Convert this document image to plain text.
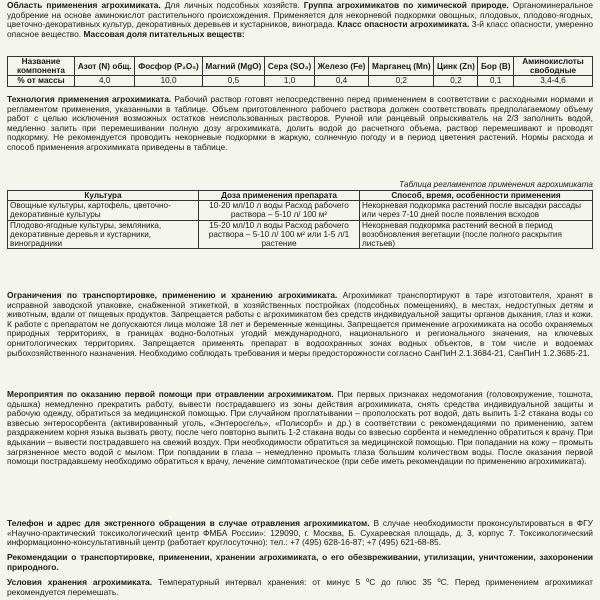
Область применения агрохимиката. Для личных подсобных хозяйств. Группа агрохимикатов по химической природе. Органоминеральное удобрение на основе аминокислот растительного происхождения. Применяется для некорневой подкормки овощных, плодовых, плодово-ягодных, цветочно-декоративных культур, декоративных деревьев и кустарников, винограда. Класс опасности агрохимиката. 3-й класс опасности, умеренно опасное вещество. Массовая доля питательных веществ:

Название компонента	Азот (N) общ.	Фосфор (P₂O₅)	Магний (MgO)	Сера (SO₃)	Железо (Fe)	Марганец (Mn)	Цинк (Zn)	Бор (B)	Аминокислоты свободные
% от массы	4,0	10,0	0,5	1,0	0,4	0,2	0,2	0,1	3,4-4,6

Технология применения агрохимиката. Рабочий раствор готовят непосредственно перед применением в соответствии с расходными нормами и регламентом применения, указанными в таблице. Объем приготовленного рабочего раствора должен соответствовать предполагаемому объему работ с целью исключения возможных остатков неиспользованных растворов. Ручной или ранцевый опрыскиватель на 2/3 заполнить водой, медленно залить при перемешивании полную дозу агрохимиката, долить водой до расчетного объема, раствор перемешивают и проводят подкормку. Не рекомендуется проводить некорневые подкормки в жаркую, солнечную погоду и в период цветения растений. Нормы расхода и способ применения агрохимиката приведены в таблице.

Таблица регламентов применения агрохимиката
Культура	Доза применения препарата	Способ, время, особенности применения
Овощные культуры, картофель, цветочно-декоративные культуры	10-20 мл/10 л воды Расход рабочего раствора – 5-10 л/ 100 м²	Некорневая подкормка растений после высадки рассады или через 7-10 дней после появления всходов
Плодово-ягодные культуры, земляника, декоративные деревья и кустарники, виноградники	15-20 мл/10 л воды Расход рабочего раствора – 5-10 л/ 100 м² или 1-5 л/1 растение	Некорневая подкормка растений весной в период возобновления вегетации (после полного раскрытия листьев)

Ограничения по транспортировке, применению и хранению агрохимиката. Агрохимикат транспортируют в таре изготовителя, хранят в исправной заводской упаковке, снабженной этикеткой, в хозяйственных постройках (подсобных помещениях), в местах, недоступных детям и животным, вдали от пищевых продуктов. Запрещается работы с агрохимикатом без средств индивидуальной защиты органов дыхания, глаз и кожи. К работе с препаратом не допускаются лица моложе 18 лет и беременные женщины. Запрещается применение агрохимиката на особо охраняемых природных территориях, в границах водно-болотных угодий международного, национального и регионального значения, на ключевых орнитологических территориях. Запрещается применять препарат в водоохранных зонах водных объектов, в том числе и водоемах рыбохозяйственного назначения. Необходимо соблюдать требования и меры предосторожности согласно СанПиН 2.1.3684-21, СанПиН 1.2.3685-21.

Мероприятия по оказанию первой помощи при отравлении агрохимикатом. При первых признаках недомогания (головокружение, тошнота, одышка) немедленно прекратить работу, вывести пострадавшего из зоны действия агрохимиката, снять средства индивидуальной защиты и рабочую одежду, обратиться за медицинской помощью. При случайном проглатывании – прополоскать рот водой, дать выпить 1-2 стакана воды со взвесью энтеросорбента (активированный уголь, «Энтеросгель», «Полисорб» и др.) в соответствии с рекомендациями по применению, затем раздражением корня языка вызвать рвоту, после чего повторно выпить 1-2 стакана воды со взвесью сорбента и немедленно обратиться к врачу. При вдыхании – вывести пострадавшего на свежий воздух. При необходимости обратиться за медицинской помощью. При попадании на кожу – промыть загрязненное место водой с мылом. При попадании в глаза – немедленно промыть глаза большим количеством воды. После оказания первой помощи пострадавшему необходимо обратиться к врачу, лечение симптоматическое (при себе иметь рекомендации по применению агрохимиката).

Телефон и адрес для экстренного обращения в случае отравления агрохимикатом. В случае необходимости проконсультироваться в ФГУ «Научно-практический токсикологический центр ФМБА России»: 129090, г. Москва, Б. Сухаревская площадь, д. 3, корпус 7. Токсикологический информационно-консультативный центр (работает круглосуточно): тел.: +7 (495) 628-16-87; +7 (495) 621-68-85.

Рекомендации о транспортировке, применении, хранении агрохимиката, о его обезвреживании, утилизации, уничтожении, захоронении природного.

Условия хранения агрохимиката. Температурный интервал хранения: от минус 5 ºС до плюс 35 ºС. Перед применением агрохимикат рекомендуется перемешать.
